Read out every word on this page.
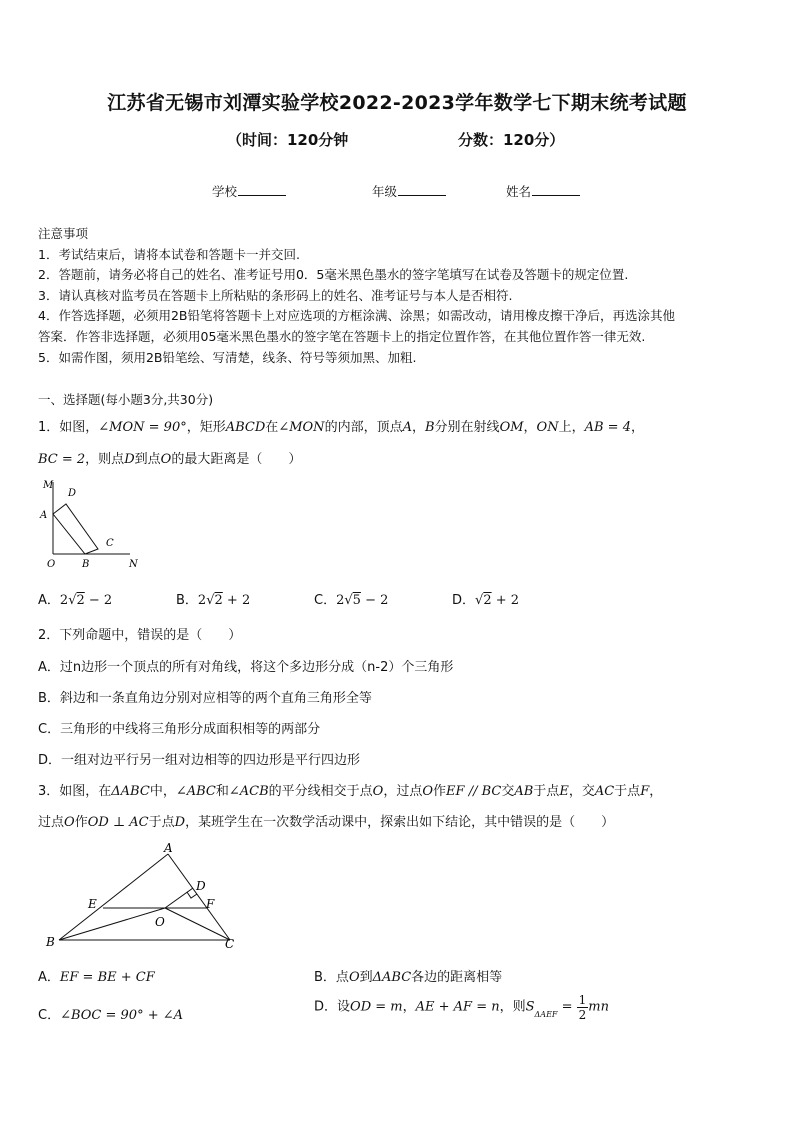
江苏省无锡市刘潭实验学校2022-2023学年数学七下期末统考试题
（时间：120分钟	分数：120分）
学校	年级	姓名
注意事项
1．考试结束后，请将本试卷和答题卡一并交回.
2．答题前，请务必将自己的姓名、准考证号用0．5毫米黑色墨水的签字笔填写在试卷及答题卡的规定位置.
3．请认真核对监考员在答题卡上所粘贴的条形码上的姓名、准考证号与本人是否相符.
4．作答选择题，必须用2B铅笔将答题卡上对应选项的方框涂满、涂黑；如需改动，请用橡皮擦干净后，再选涂其他
答案．作答非选择题，必须用05毫米黑色墨水的签字笔在答题卡上的指定位置作答，在其他位置作答一律无效.
5．如需作图，须用2B铅笔绘、写清楚，线条、符号等须加黑、加粗.
一、选择题(每小题3分,共30分)
1．如图，∠MON = 90°，矩形ABCD在∠MON的内部，顶点A，B分别在射线OM，ON上，AB = 4，
BC = 2，则点D到点O的最大距离是（　　）
M
D
A
C
O	B	N
A．2√2 − 2	B．2√2 + 2	C．2√5 − 2	D．√2 + 2
2．下列命题中，错误的是（　　）
A．过n边形一个顶点的所有对角线，将这个多边形分成（n-2）个三角形
B．斜边和一条直角边分别对应相等的两个直角三角形全等
C．三角形的中线将三角形分成面积相等的两部分
D．一组对边平行另一组对边相等的四边形是平行四边形
3．如图，在ΔABC中，∠ABC和∠ACB的平分线相交于点O，过点O作EF // BC交AB于点E，交AC于点F，
过点O作OD ⊥ AC于点D，某班学生在一次数学活动课中，探索出如下结论，其中错误的是（　　）
A
D
E	F
O
B	C
A．EF = BE + CF	B．点O到ΔABC各边的距离相等
C．∠BOC = 90° + ∠A
D．设OD = m，AE + AF = n，则$S_{\Delta AEF} = \frac{1}{2}$ mn
